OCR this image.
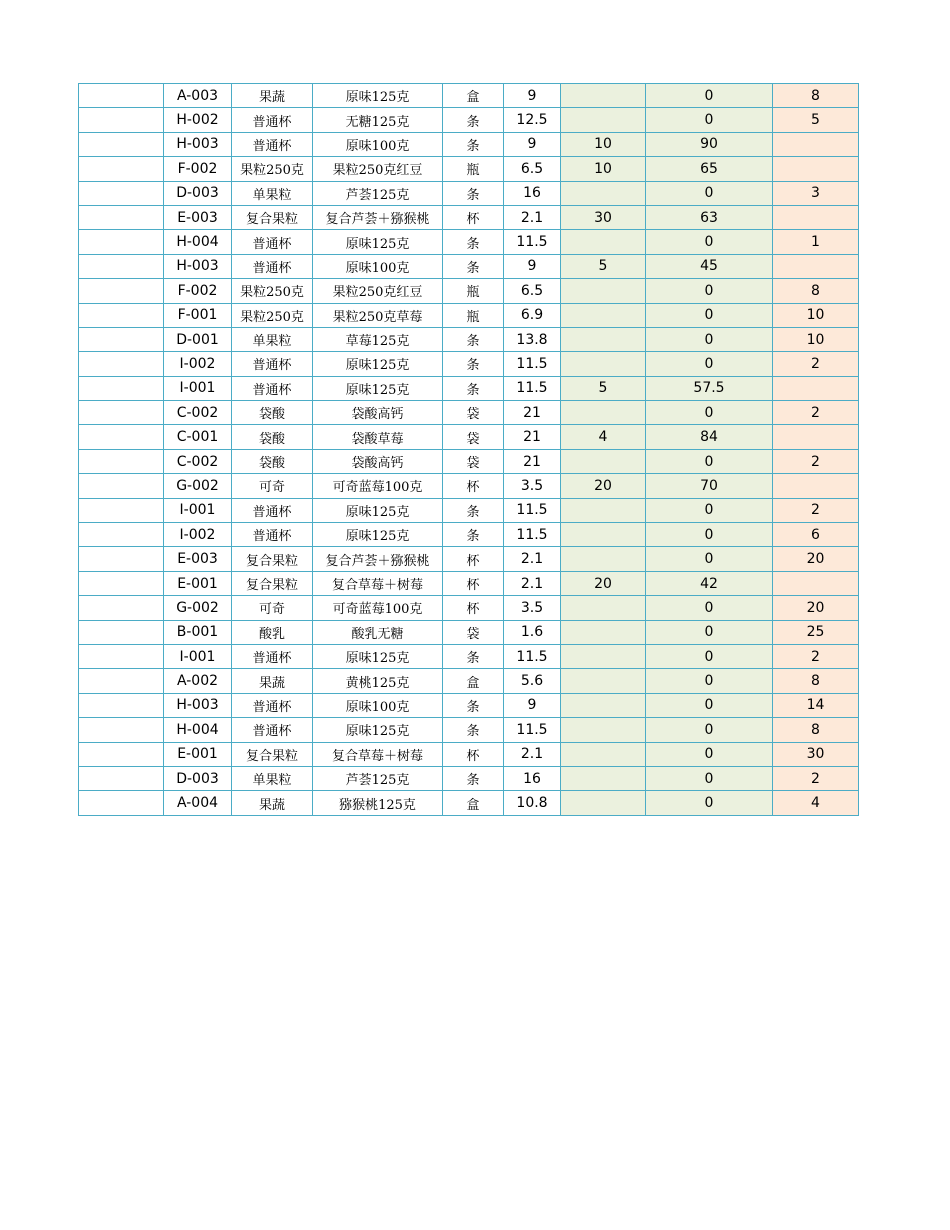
	A-003	果蔬	原味125克	盒	9		0	8
	H-002	普通杯	无糖125克	条	12.5		0	5
	H-003	普通杯	原味100克	条	9	10	90	
	F-002	果粒250克	果粒250克红豆	瓶	6.5	10	65	
	D-003	单果粒	芦荟125克	条	16		0	3
	E-003	复合果粒	复合芦荟＋猕猴桃	杯	2.1	30	63	
	H-004	普通杯	原味125克	条	11.5		0	1
	H-003	普通杯	原味100克	条	9	5	45	
	F-002	果粒250克	果粒250克红豆	瓶	6.5		0	8
	F-001	果粒250克	果粒250克草莓	瓶	6.9		0	10
	D-001	单果粒	草莓125克	条	13.8		0	10
	I-002	普通杯	原味125克	条	11.5		0	2
	I-001	普通杯	原味125克	条	11.5	5	57.5	
	C-002	袋酸	袋酸高钙	袋	21		0	2
	C-001	袋酸	袋酸草莓	袋	21	4	84	
	C-002	袋酸	袋酸高钙	袋	21		0	2
	G-002	可奇	可奇蓝莓100克	杯	3.5	20	70	
	I-001	普通杯	原味125克	条	11.5		0	2
	I-002	普通杯	原味125克	条	11.5		0	6
	E-003	复合果粒	复合芦荟＋猕猴桃	杯	2.1		0	20
	E-001	复合果粒	复合草莓＋树莓	杯	2.1	20	42	
	G-002	可奇	可奇蓝莓100克	杯	3.5		0	20
	B-001	酸乳	酸乳无糖	袋	1.6		0	25
	I-001	普通杯	原味125克	条	11.5		0	2
	A-002	果蔬	黄桃125克	盒	5.6		0	8
	H-003	普通杯	原味100克	条	9		0	14
	H-004	普通杯	原味125克	条	11.5		0	8
	E-001	复合果粒	复合草莓＋树莓	杯	2.1		0	30
	D-003	单果粒	芦荟125克	条	16		0	2
	A-004	果蔬	猕猴桃125克	盒	10.8		0	4
